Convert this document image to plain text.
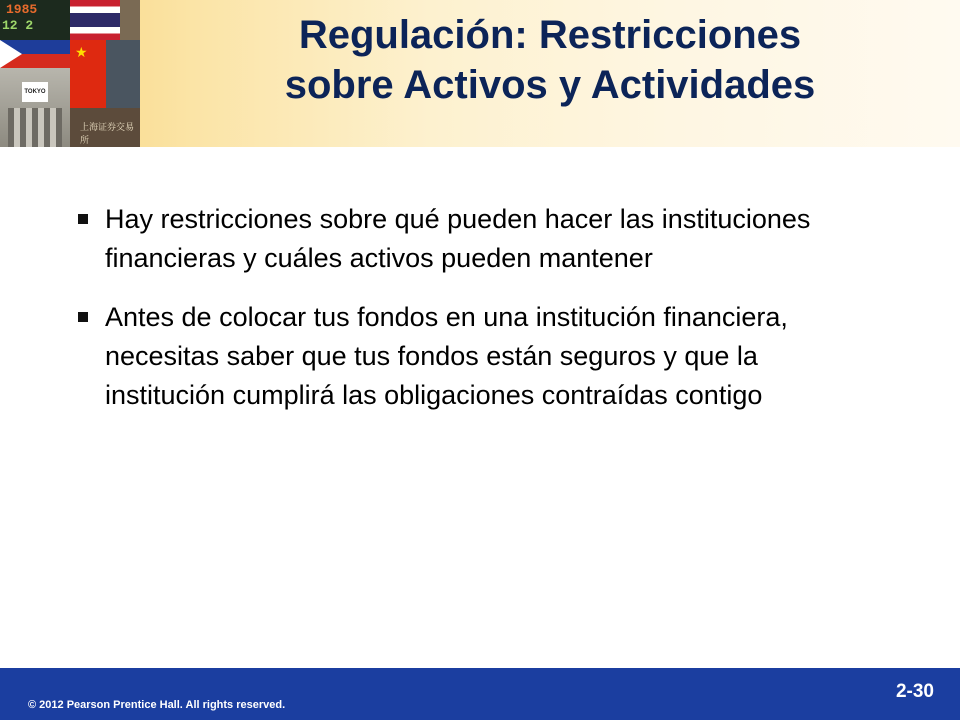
1985
12 2
TOKYO
★
上海证券交易所
Regulación: Restricciones
sobre Activos y Actividades
Hay restricciones sobre qué pueden hacer las instituciones financieras y cuáles activos pueden mantener
Antes de colocar tus fondos en una institución financiera, necesitas saber que tus fondos están seguros y que la institución cumplirá las obligaciones contraídas contigo
© 2012 Pearson Prentice Hall. All rights reserved.
2-30
